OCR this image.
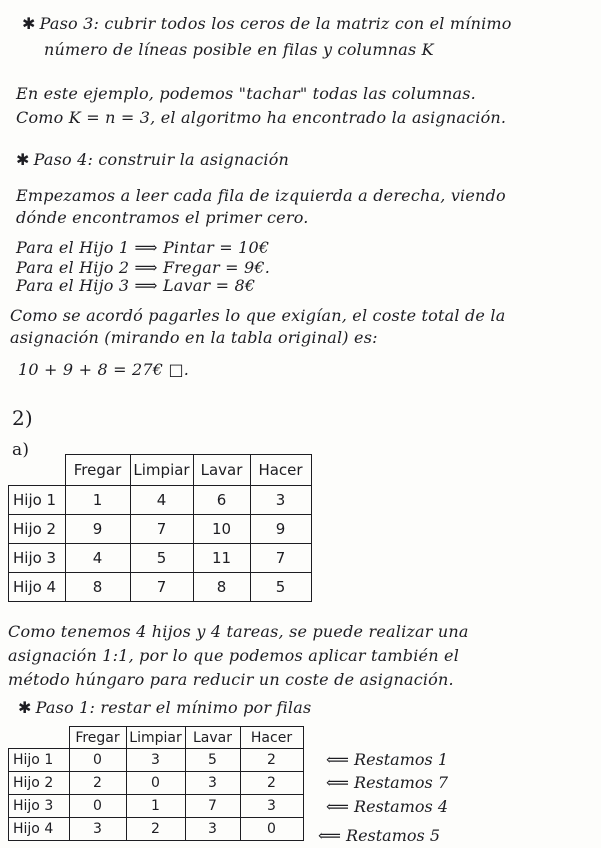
✱ Paso 3: cubrir todos los ceros de la matriz con el mínimo
número de líneas posible en filas y columnas K
En este ejemplo, podemos "tachar" todas las columnas.
Como K = n = 3, el algoritmo ha encontrado la asignación.
✱ Paso 4: construir la asignación
Empezamos a leer cada fila de izquierda a derecha, viendo
dónde encontramos el primer cero.
Para el Hijo 1 ⟹ Pintar = 10€
Para el Hijo 2 ⟹ Fregar = 9€.
Para el Hijo 3 ⟹ Lavar = 8€
Como se acordó pagarles lo que exigían, el coste total de la
asignación (mirando en la tabla original) es:
10 + 9 + 8 = 27€ □.
2)
a)
	Fregar	Limpiar	Lavar	Hacer
Hijo 1	1	4	6	3
Hijo 2	9	7	10	9
Hijo 3	4	5	11	7
Hijo 4	8	7	8	5
Como tenemos 4 hijos y 4 tareas, se puede realizar una
asignación 1:1, por lo que podemos aplicar también el
método húngaro para reducir un coste de asignación.
✱ Paso 1: restar el mínimo por filas
	Fregar	Limpiar	Lavar	Hacer
Hijo 1	0	3	5	2
Hijo 2	2	0	3	2
Hijo 3	0	1	7	3
Hijo 4	3	2	3	0
⟸ Restamos 1
⟸ Restamos 7
⟸ Restamos 4
⟸ Restamos 5
